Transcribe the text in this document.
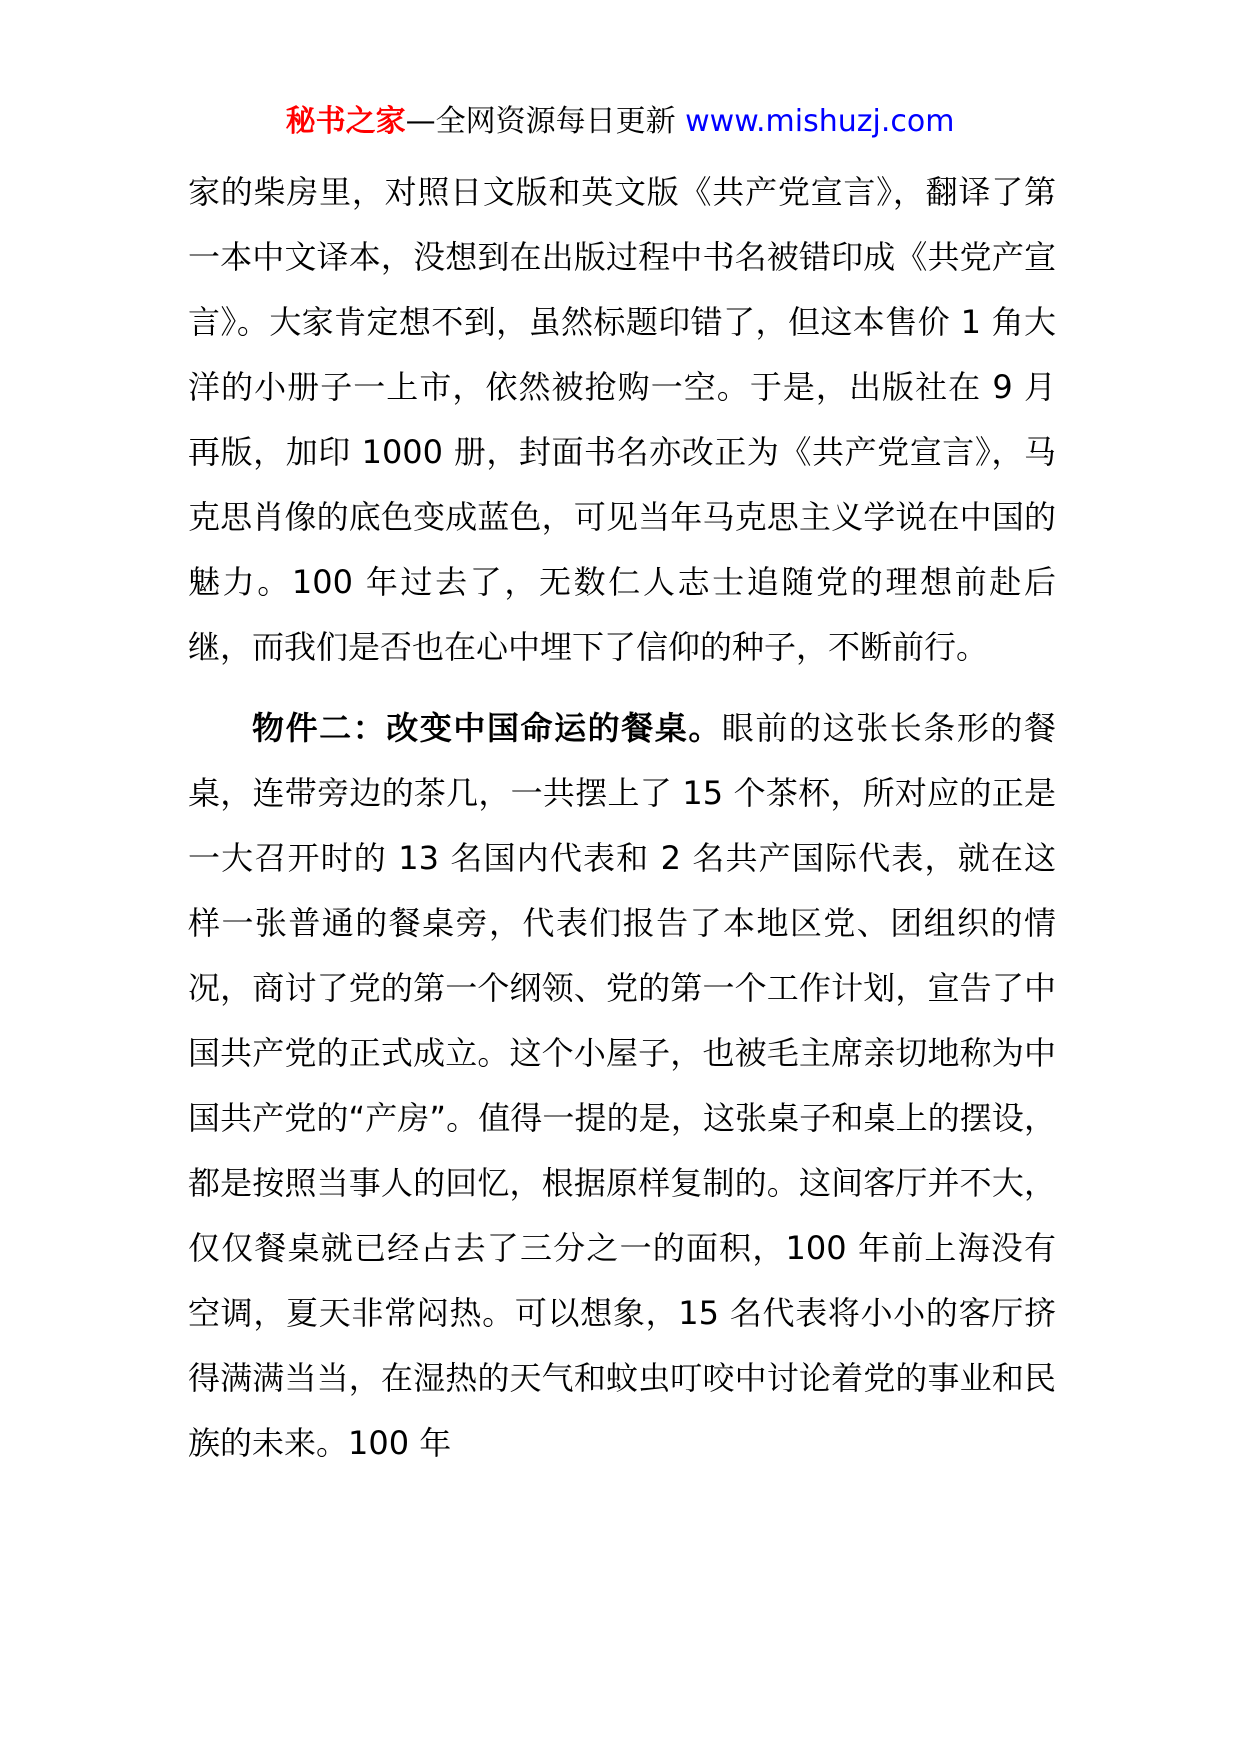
秘书之家—全网资源每日更新 www.mishuzj.com

家的柴房里，对照日文版和英文版《共产党宣言》，翻译了第一本中文译本，没想到在出版过程中书名被错印成《共党产宣言》。大家肯定想不到，虽然标题印错了，但这本售价 1 角大洋的小册子一上市，依然被抢购一空。于是，出版社在 9 月再版，加印 1000 册，封面书名亦改正为《共产党宣言》，马克思肖像的底色变成蓝色，可见当年马克思主义学说在中国的魅力。100 年过去了，无数仁人志士追随党的理想前赴后继，而我们是否也在心中埋下了信仰的种子，不断前行。

物件二：改变中国命运的餐桌。眼前的这张长条形的餐桌，连带旁边的茶几，一共摆上了 15 个茶杯，所对应的正是一大召开时的 13 名国内代表和 2 名共产国际代表，就在这样一张普通的餐桌旁，代表们报告了本地区党、团组织的情况，商讨了党的第一个纲领、党的第一个工作计划，宣告了中国共产党的正式成立。这个小屋子，也被毛主席亲切地称为中国共产党的“产房”。值得一提的是，这张桌子和桌上的摆设，都是按照当事人的回忆，根据原样复制的。这间客厅并不大，仅仅餐桌就已经占去了三分之一的面积，100 年前上海没有空调，夏天非常闷热。可以想象，15 名代表将小小的客厅挤得满满当当，在湿热的天气和蚊虫叮咬中讨论着党的事业和民族的未来。100 年
